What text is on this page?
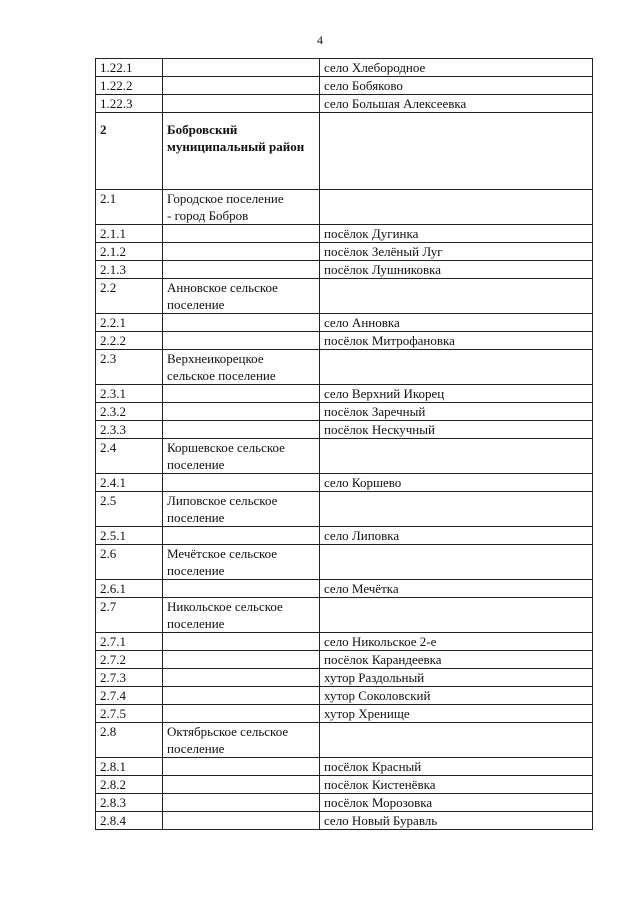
4
1.22.1		село Хлебородное
1.22.2		село Бобяково
1.22.3		село Большая Алексеевка
2	Бобровский муниципальный район	
2.1	Городское поселение
- город Бобров	
2.1.1		посёлок Дугинка
2.1.2		посёлок Зелёный Луг
2.1.3		посёлок Лушниковка
2.2	Анновское сельское
поселение	
2.2.1		село Анновка
2.2.2		посёлок Митрофановка
2.3	Верхнеикорецкое
сельское поселение	
2.3.1		село Верхний Икорец
2.3.2		посёлок Заречный
2.3.3		посёлок Нескучный
2.4	Коршевское сельское
поселение	
2.4.1		село Коршево
2.5	Липовское сельское
поселение	
2.5.1		село Липовка
2.6	Мечётское сельское
поселение	
2.6.1		село Мечётка
2.7	Никольское сельское
поселение	
2.7.1		село Никольское 2-е
2.7.2		посёлок Карандеевка
2.7.3		хутор Раздольный
2.7.4		хутор Соколовский
2.7.5		хутор Хренище
2.8	Октябрьское сельское
поселение	
2.8.1		посёлок Красный
2.8.2		посёлок Кистенёвка
2.8.3		посёлок Морозовка
2.8.4		село Новый Буравль
